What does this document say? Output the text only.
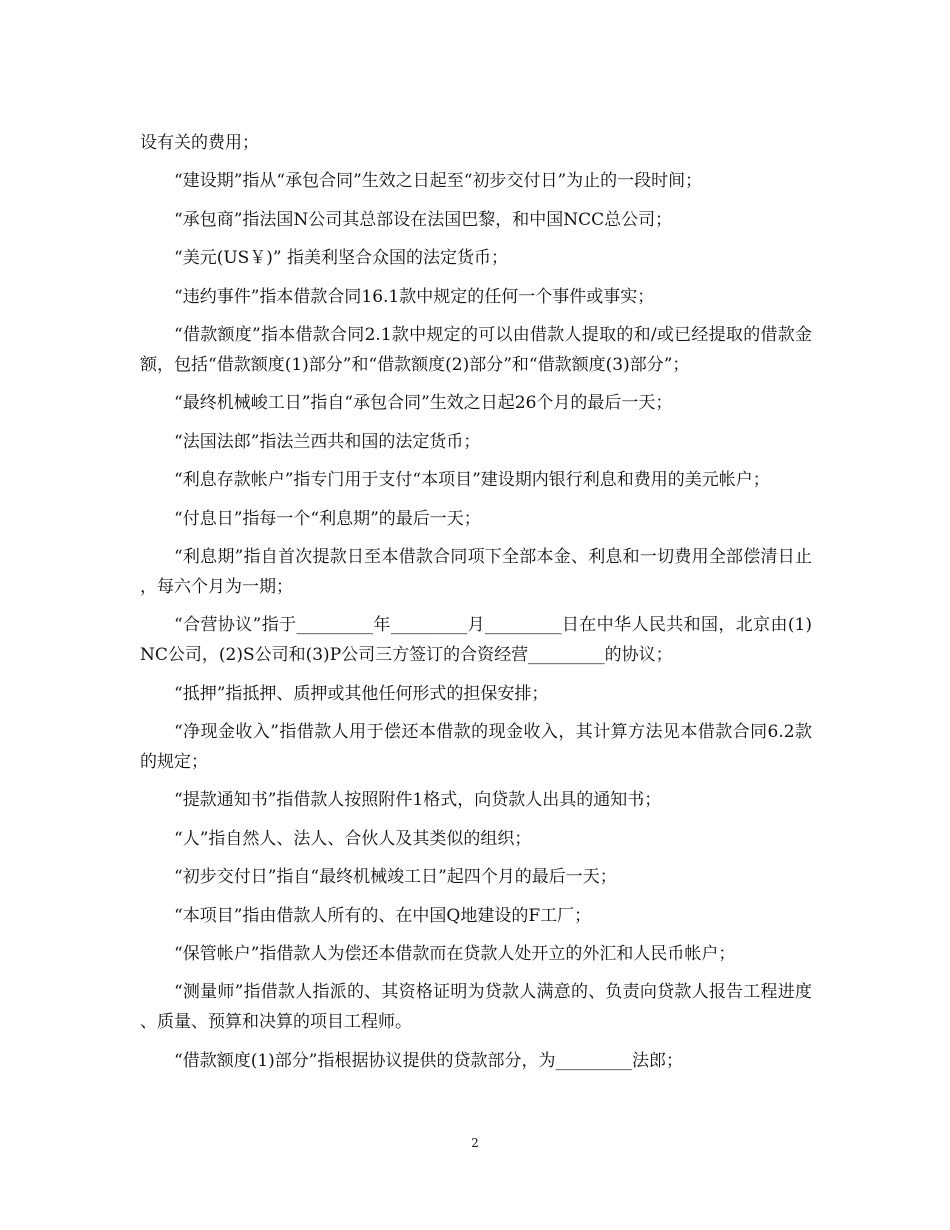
设有关的费用；

“建设期”指从“承包合同”生效之日起至“初步交付日”为止的一段时间；

“承包商”指法国N公司其总部设在法国巴黎，和中国NCC总公司；

“美元(US￥)” 指美利坚合众国的法定货币；

“违约事件”指本借款合同16.1款中规定的任何一个事件或事实；

“借款额度”指本借款合同2.1款中规定的可以由借款人提取的和/或已经提取的借款金额，包括“借款额度(1)部分”和“借款额度(2)部分”和“借款额度(3)部分”；

“最终机械峻工日”指自“承包合同”生效之日起26个月的最后一天；

“法国法郎”指法兰西共和国的法定货币；

“利息存款帐户”指专门用于支付“本项目”建设期内银行利息和费用的美元帐户；

“付息日”指每一个“利息期”的最后一天；

“利息期”指自首次提款日至本借款合同项下全部本金、利息和一切费用全部偿清日止，每六个月为一期；

“合营协议”指于_________年_________月_________日在中华人民共和国，北京由(1)NC公司，(2)S公司和(3)P公司三方签订的合资经营_________的协议；

“抵押”指抵押、质押或其他任何形式的担保安排；

“净现金收入”指借款人用于偿还本借款的现金收入，其计算方法见本借款合同6.2款的规定；

“提款通知书”指借款人按照附件1格式，向贷款人出具的通知书；

“人”指自然人、法人、合伙人及其类似的组织；

“初步交付日”指自“最终机械竣工日”起四个月的最后一天；

“本项目”指由借款人所有的、在中国Q地建设的F工厂；

“保管帐户”指借款人为偿还本借款而在贷款人处开立的外汇和人民币帐户；

“测量师”指借款人指派的、其资格证明为贷款人满意的、负责向贷款人报告工程进度、质量、预算和决算的项目工程师。

“借款额度(1)部分”指根据协议提供的贷款部分，为_________法郎；

2
